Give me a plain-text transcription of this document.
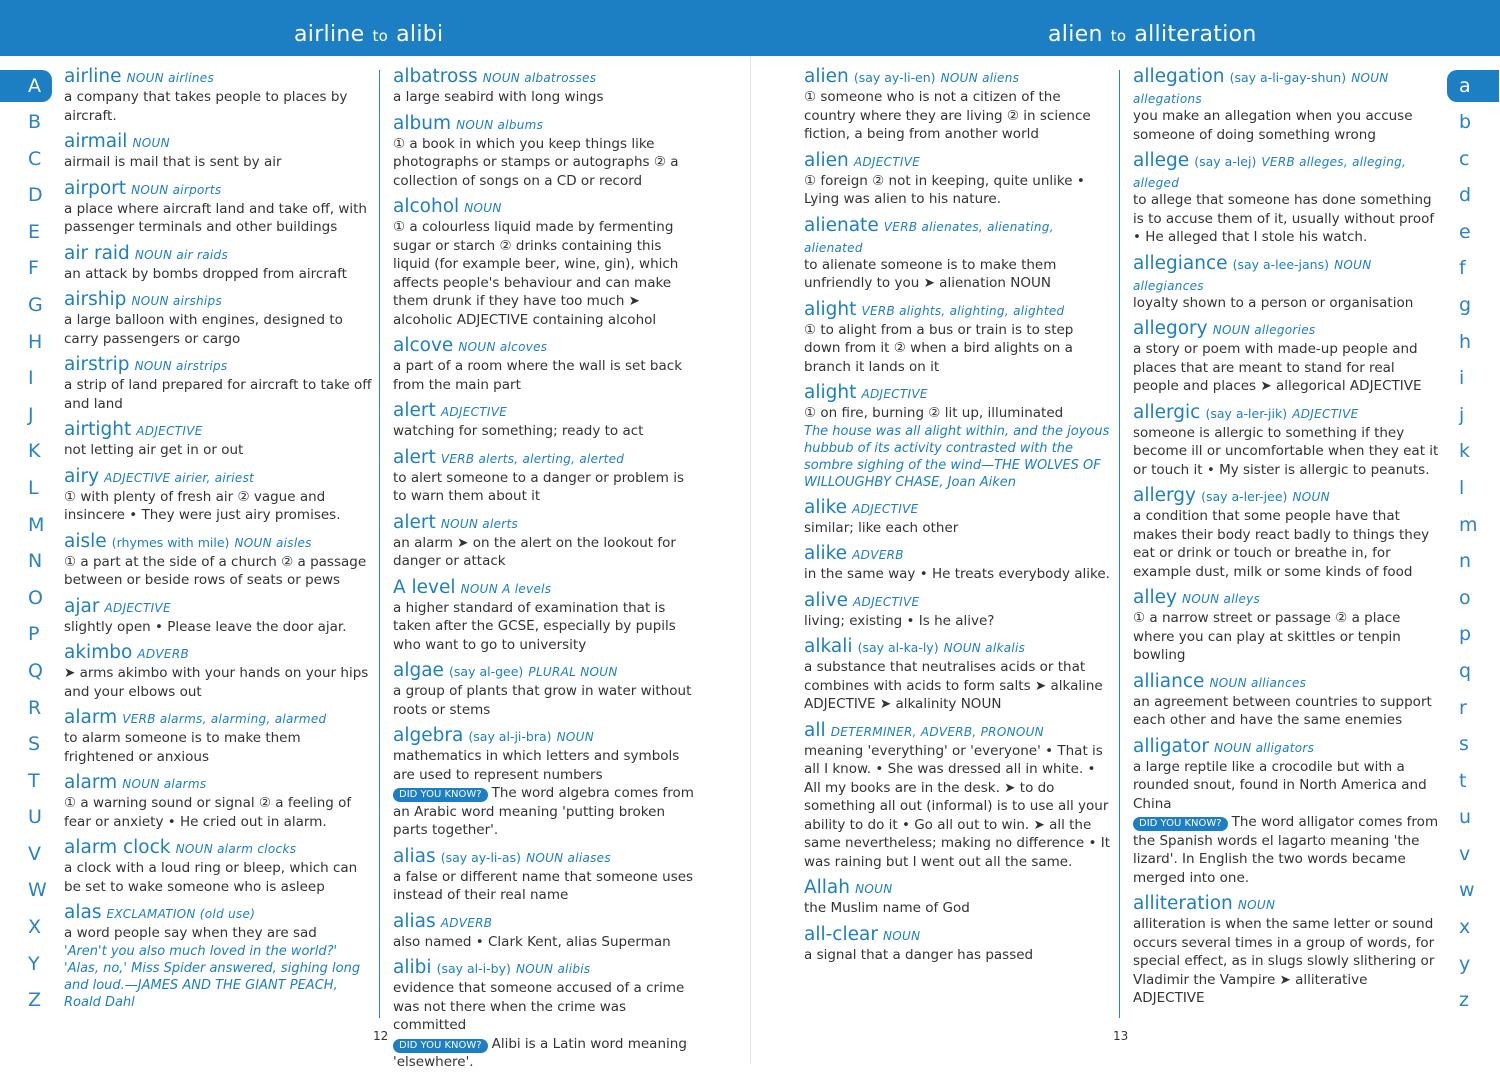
airline to alibi	alien to alliteration
A
B
C
D
E
F
G
H
I
J
K
L
M
N
O
P
Q
R
S
T
U
V
W
X
Y
Z
a
b
c
d
e
f
g
h
i
j
k
l
m
n
o
p
q
r
s
t
u
v
w
x
y
z
airline NOUN airlines
a company that takes people to places by aircraft.
airmail NOUN
airmail is mail that is sent by air
airport NOUN airports
a place where aircraft land and take off, with passenger terminals and other buildings
air raid NOUN air raids
an attack by bombs dropped from aircraft
airship NOUN airships
a large balloon with engines, designed to carry passengers or cargo
airstrip NOUN airstrips
a strip of land prepared for aircraft to take off and land
airtight ADJECTIVE
not letting air get in or out
airy ADJECTIVE airier, airiest
① with plenty of fresh air ② vague and insincere • They were just airy promises.
aisle (rhymes with mile) NOUN aisles
① a part at the side of a church ② a passage between or beside rows of seats or pews
ajar ADJECTIVE
slightly open • Please leave the door ajar.
akimbo ADVERB
➤ arms akimbo with your hands on your hips and your elbows out
alarm VERB alarms, alarming, alarmed
to alarm someone is to make them frightened or anxious
alarm NOUN alarms
① a warning sound or signal ② a feeling of fear or anxiety • He cried out in alarm.
alarm clock NOUN alarm clocks
a clock with a loud ring or bleep, which can be set to wake someone who is asleep
alas EXCLAMATION (old use)
a word people say when they are sad
'Aren't you also much loved in the world?' 'Alas, no,' Miss Spider answered, sighing long and loud.—JAMES AND THE GIANT PEACH, Roald Dahl
albatross NOUN albatrosses
a large seabird with long wings
album NOUN albums
① a book in which you keep things like photographs or stamps or autographs ② a collection of songs on a CD or record
alcohol NOUN
① a colourless liquid made by fermenting sugar or starch ② drinks containing this liquid (for example beer, wine, gin), which affects people's behaviour and can make them drunk if they have too much ➤ alcoholic ADJECTIVE containing alcohol
alcove NOUN alcoves
a part of a room where the wall is set back from the main part
alert ADJECTIVE
watching for something; ready to act
alert VERB alerts, alerting, alerted
to alert someone to a danger or problem is to warn them about it
alert NOUN alerts
an alarm ➤ on the alert on the lookout for danger or attack
A level NOUN A levels
a higher standard of examination that is taken after the GCSE, especially by pupils who want to go to university
algae (say al-gee) PLURAL NOUN
a group of plants that grow in water without roots or stems
algebra (say al-ji-bra) NOUN
mathematics in which letters and symbols are used to represent numbers
DID YOU KNOW? The word algebra comes from an Arabic word meaning 'putting broken parts together'.
alias (say ay-li-as) NOUN aliases
a false or different name that someone uses instead of their real name
alias ADVERB
also named • Clark Kent, alias Superman
alibi (say al-i-by) NOUN alibis
evidence that someone accused of a crime was not there when the crime was committed
DID YOU KNOW? Alibi is a Latin word meaning 'elsewhere'.
alien (say ay-li-en) NOUN aliens
① someone who is not a citizen of the country where they are living ② in science fiction, a being from another world
alien ADJECTIVE
① foreign ② not in keeping, quite unlike • Lying was alien to his nature.
alienate VERB alienates, alienating, alienated
to alienate someone is to make them unfriendly to you ➤ alienation NOUN
alight VERB alights, alighting, alighted
① to alight from a bus or train is to step down from it ② when a bird alights on a branch it lands on it
alight ADJECTIVE
① on fire, burning ② lit up, illuminated
The house was all alight within, and the joyous hubbub of its activity contrasted with the sombre sighing of the wind—THE WOLVES OF WILLOUGHBY CHASE, Joan Aiken
alike ADJECTIVE
similar; like each other
alike ADVERB
in the same way • He treats everybody alike.
alive ADJECTIVE
living; existing • Is he alive?
alkali (say al-ka-ly) NOUN alkalis
a substance that neutralises acids or that combines with acids to form salts ➤ alkaline ADJECTIVE ➤ alkalinity NOUN
all DETERMINER, ADVERB, PRONOUN
meaning 'everything' or 'everyone' • That is all I know. • She was dressed all in white. • All my books are in the desk. ➤ to do something all out (informal) is to use all your ability to do it • Go all out to win. ➤ all the same nevertheless; making no difference • It was raining but I went out all the same.
Allah NOUN
the Muslim name of God
all-clear NOUN
a signal that a danger has passed
allegation (say a-li-gay-shun) NOUN allegations
you make an allegation when you accuse someone of doing something wrong
allege (say a-lej) VERB alleges, alleging, alleged
to allege that someone has done something is to accuse them of it, usually without proof • He alleged that I stole his watch.
allegiance (say a-lee-jans) NOUN allegiances
loyalty shown to a person or organisation
allegory NOUN allegories
a story or poem with made-up people and places that are meant to stand for real people and places ➤ allegorical ADJECTIVE
allergic (say a-ler-jik) ADJECTIVE
someone is allergic to something if they become ill or uncomfortable when they eat it or touch it • My sister is allergic to peanuts.
allergy (say a-ler-jee) NOUN
a condition that some people have that makes their body react badly to things they eat or drink or touch or breathe in, for example dust, milk or some kinds of food
alley NOUN alleys
① a narrow street or passage ② a place where you can play at skittles or tenpin bowling
alliance NOUN alliances
an agreement between countries to support each other and have the same enemies
alligator NOUN alligators
a large reptile like a crocodile but with a rounded snout, found in North America and China
DID YOU KNOW? The word alligator comes from the Spanish words el lagarto meaning 'the lizard'. In English the two words became merged into one.
alliteration NOUN
alliteration is when the same letter or sound occurs several times in a group of words, for special effect, as in slugs slowly slithering or Vladimir the Vampire ➤ alliterative ADJECTIVE
12	13
